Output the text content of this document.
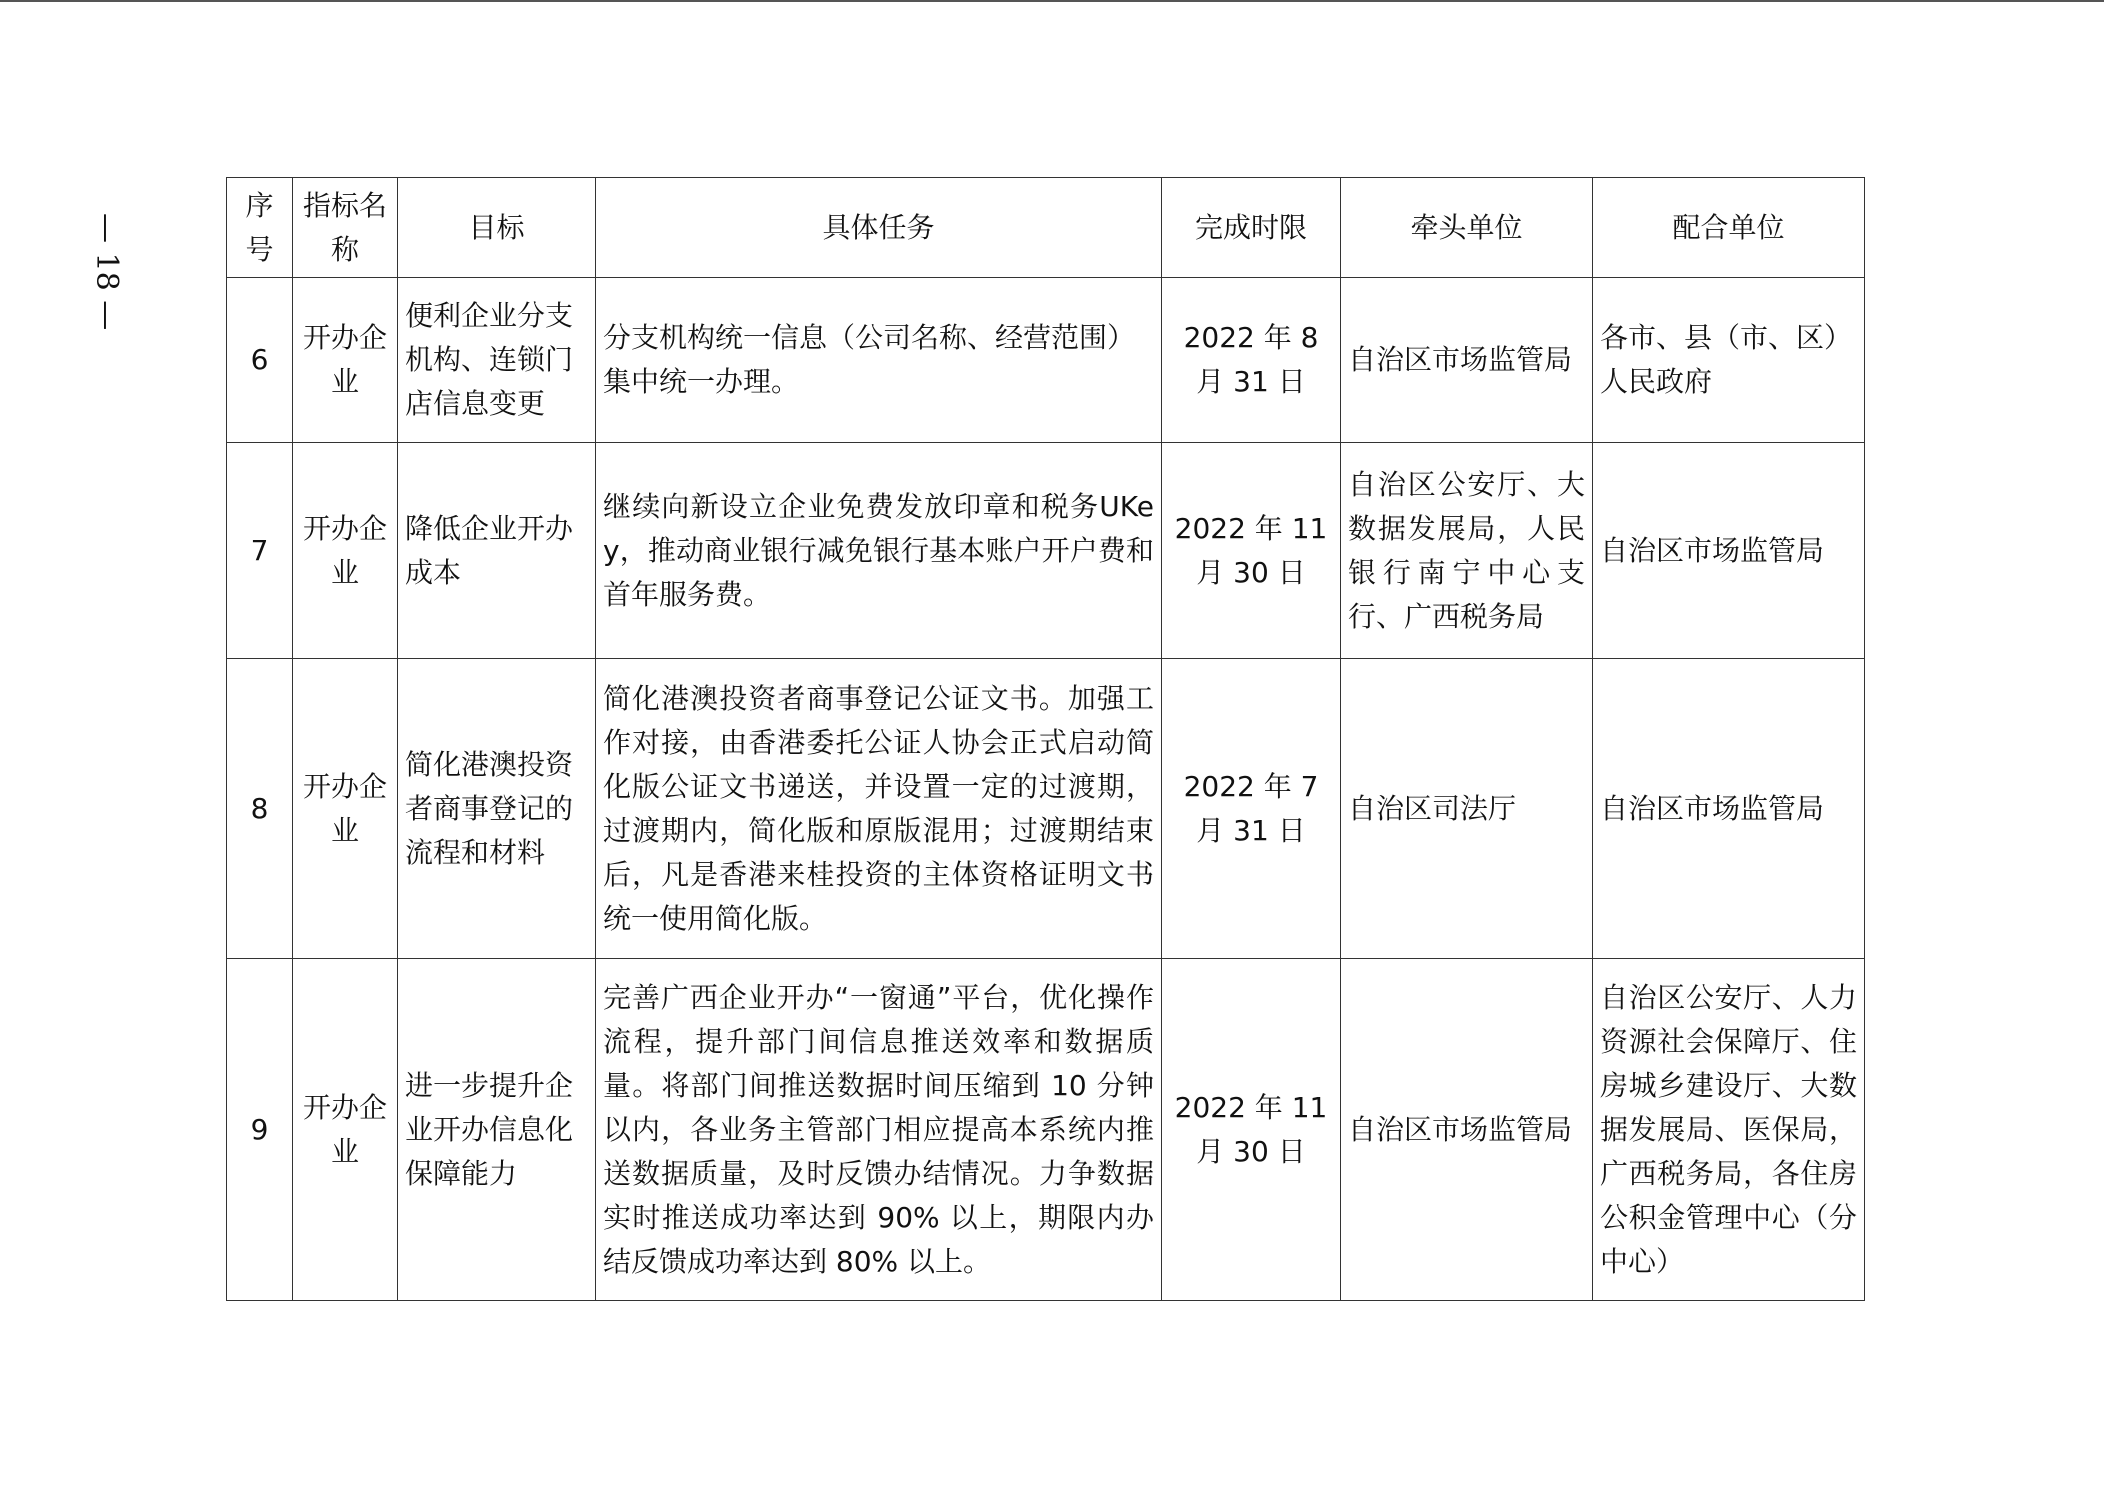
— 18 —
序号	指标名称	目标	具体任务	完成时限	牵头单位	配合单位
6	开办企业	便利企业分支机构、连锁门店信息变更	分支机构统一信息（公司名称、经营范围）集中统一办理。	2022 年 8 月 31 日	自治区市场监管局	各市、县（市、区）人民政府
7	开办企业	降低企业开办成本	继续向新设立企业免费发放印章和税务UKey，推动商业银行减免银行基本账户开户费和首年服务费。	2022 年 11 月 30 日	自治区公安厅、大数据发展局，人民银行南宁中心支行、广西税务局	自治区市场监管局
8	开办企业	简化港澳投资者商事登记的流程和材料	简化港澳投资者商事登记公证文书。加强工作对接，由香港委托公证人协会正式启动简化版公证文书递送，并设置一定的过渡期，过渡期内，简化版和原版混用；过渡期结束后，凡是香港来桂投资的主体资格证明文书统一使用简化版。	2022 年 7 月 31 日	自治区司法厅	自治区市场监管局
9	开办企业	进一步提升企业开办信息化保障能力	完善广西企业开办“一窗通”平台，优化操作流程，提升部门间信息推送效率和数据质量。将部门间推送数据时间压缩到 10 分钟以内，各业务主管部门相应提高本系统内推送数据质量，及时反馈办结情况。力争数据实时推送成功率达到 90% 以上，期限内办结反馈成功率达到 80% 以上。	2022 年 11 月 30 日	自治区市场监管局	自治区公安厅、人力资源社会保障厅、住房城乡建设厅、大数据发展局、医保局，广西税务局，各住房公积金管理中心（分中心）
